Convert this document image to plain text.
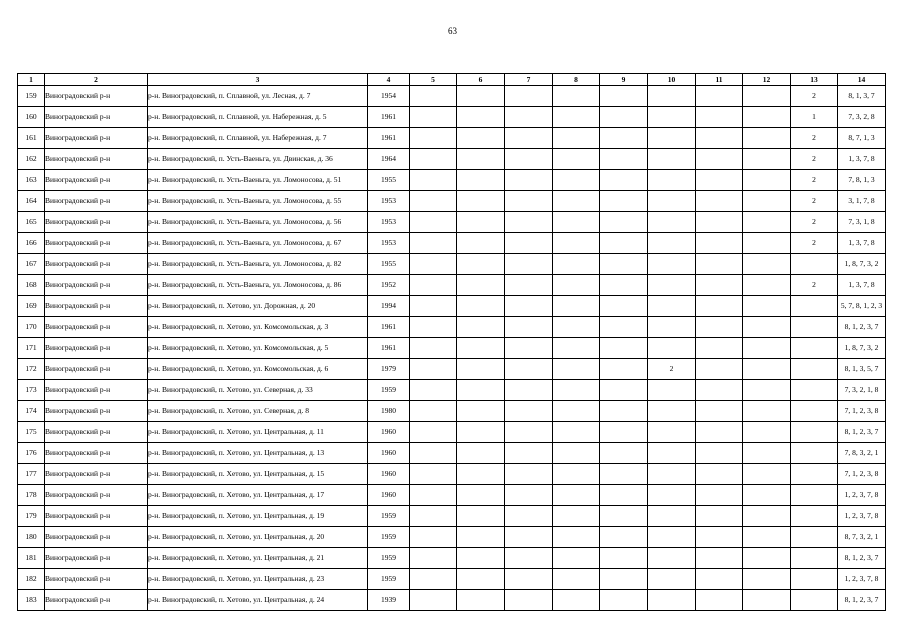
63
1	2	3	4	5	6	7	8	9	10	11	12	13	14
159	Виноградовский р-н	р-н. Виноградовский, п. Сплавной, ул. Лесная, д. 7	1954									2	8, 1, 3, 7
160	Виноградовский р-н	р-н. Виноградовский, п. Сплавной, ул. Набережная, д. 5	1961									1	7, 3, 2, 8
161	Виноградовский р-н	р-н. Виноградовский, п. Сплавной, ул. Набережная, д. 7	1961									2	8, 7, 1, 3
162	Виноградовский р-н	р-н. Виноградовский, п. Усть-Ваеньга, ул. Двинская, д. 36	1964									2	1, 3, 7, 8
163	Виноградовский р-н	р-н. Виноградовский, п. Усть-Ваеньга, ул. Ломоносова, д. 51	1955									2	7, 8, 1, 3
164	Виноградовский р-н	р-н. Виноградовский, п. Усть-Ваеньга, ул. Ломоносова, д. 55	1953									2	3, 1, 7, 8
165	Виноградовский р-н	р-н. Виноградовский, п. Усть-Ваеньга, ул. Ломоносова, д. 56	1953									2	7, 3, 1, 8
166	Виноградовский р-н	р-н. Виноградовский, п. Усть-Ваеньга, ул. Ломоносова, д. 67	1953									2	1, 3, 7, 8
167	Виноградовский р-н	р-н. Виноградовский, п. Усть-Ваеньга, ул. Ломоносова, д. 82	1955										1, 8, 7, 3, 2
168	Виноградовский р-н	р-н. Виноградовский, п. Усть-Ваеньга, ул. Ломоносова, д. 86	1952									2	1, 3, 7, 8
169	Виноградовский р-н	р-н. Виноградовский, п. Хетово, ул. Дорожная, д. 20	1994										5, 7, 8, 1, 2, 3
170	Виноградовский р-н	р-н. Виноградовский, п. Хетово, ул. Комсомольская, д. 3	1961										8, 1, 2, 3, 7
171	Виноградовский р-н	р-н. Виноградовский, п. Хетово, ул. Комсомольская, д. 5	1961										1, 8, 7, 3, 2
172	Виноградовский р-н	р-н. Виноградовский, п. Хетово, ул. Комсомольская, д. 6	1979						2				8, 1, 3, 5, 7
173	Виноградовский р-н	р-н. Виноградовский, п. Хетово, ул. Северная, д. 33	1959										7, 3, 2, 1, 8
174	Виноградовский р-н	р-н. Виноградовский, п. Хетово, ул. Северная, д. 8	1980										7, 1, 2, 3, 8
175	Виноградовский р-н	р-н. Виноградовский, п. Хетово, ул. Центральная, д. 11	1960										8, 1, 2, 3, 7
176	Виноградовский р-н	р-н. Виноградовский, п. Хетово, ул. Центральная, д. 13	1960										7, 8, 3, 2, 1
177	Виноградовский р-н	р-н. Виноградовский, п. Хетово, ул. Центральная, д. 15	1960										7, 1, 2, 3, 8
178	Виноградовский р-н	р-н. Виноградовский, п. Хетово, ул. Центральная, д. 17	1960										1, 2, 3, 7, 8
179	Виноградовский р-н	р-н. Виноградовский, п. Хетово, ул. Центральная, д. 19	1959										1, 2, 3, 7, 8
180	Виноградовский р-н	р-н. Виноградовский, п. Хетово, ул. Центральная, д. 20	1959										8, 7, 3, 2, 1
181	Виноградовский р-н	р-н. Виноградовский, п. Хетово, ул. Центральная, д. 21	1959										8, 1, 2, 3, 7
182	Виноградовский р-н	р-н. Виноградовский, п. Хетово, ул. Центральная, д. 23	1959										1, 2, 3, 7, 8
183	Виноградовский р-н	р-н. Виноградовский, п. Хетово, ул. Центральная, д. 24	1939										8, 1, 2, 3, 7
